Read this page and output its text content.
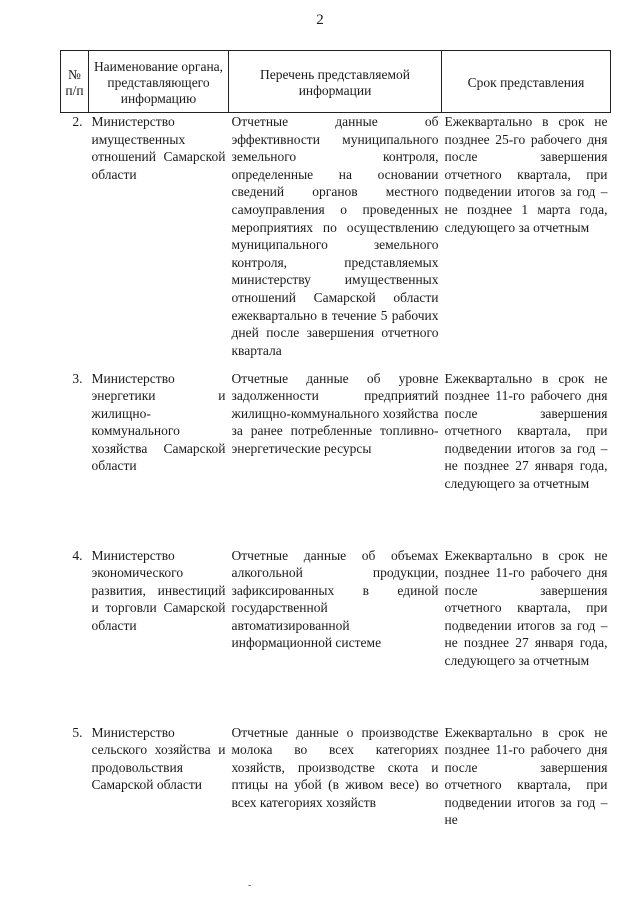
2
№ п/п	Наименование органа, представляющего информацию	Перечень представляемой информации	Срок представления
2.	Министерство имущественных отношений Самарской области	Отчетные данные об эффективности муниципального земельного контроля, определенные на основании сведений органов местного самоуправления о проведенных мероприятиях по осуществлению муниципального земельного контроля, представляемых министерству имущественных отношений Самарской области ежеквартально в течение 5 рабочих дней после завершения отчетного квартала	Ежеквартально в срок не позднее 25-го рабочего дня после завершения отчетного квартала, при подведении итогов за год – не позднее 1 марта года, следующего за отчетным
3.	Министерство энергетики и жилищно-коммунального хозяйства Самарской области	Отчетные данные об уровне задолженности предприятий жилищно-коммунального хозяйства за ранее потребленные топливно-энергетические ресурсы	Ежеквартально в срок не позднее 11-го рабочего дня после завершения отчетного квартала, при подведении итогов за год – не позднее 27 января года, следующего за отчетным
4.	Министерство экономического развития, инвестиций и торговли Самарской области	Отчетные данные об объемах алкогольной продукции, зафиксированных в единой государственной автоматизированной информационной системе	Ежеквартально в срок не позднее 11-го рабочего дня после завершения отчетного квартала, при подведении итогов за год – не позднее 27 января года, следующего за отчетным
5.	Министерство сельского хозяйства и продовольствия Самарской области	Отчетные данные о производстве молока во всех категориях хозяйств, производстве скота и птицы на убой (в живом весе) во всех категориях хозяйств	Ежеквартально в срок не позднее 11-го рабочего дня после завершения отчетного квартала, при подведении итогов за год – не
-
